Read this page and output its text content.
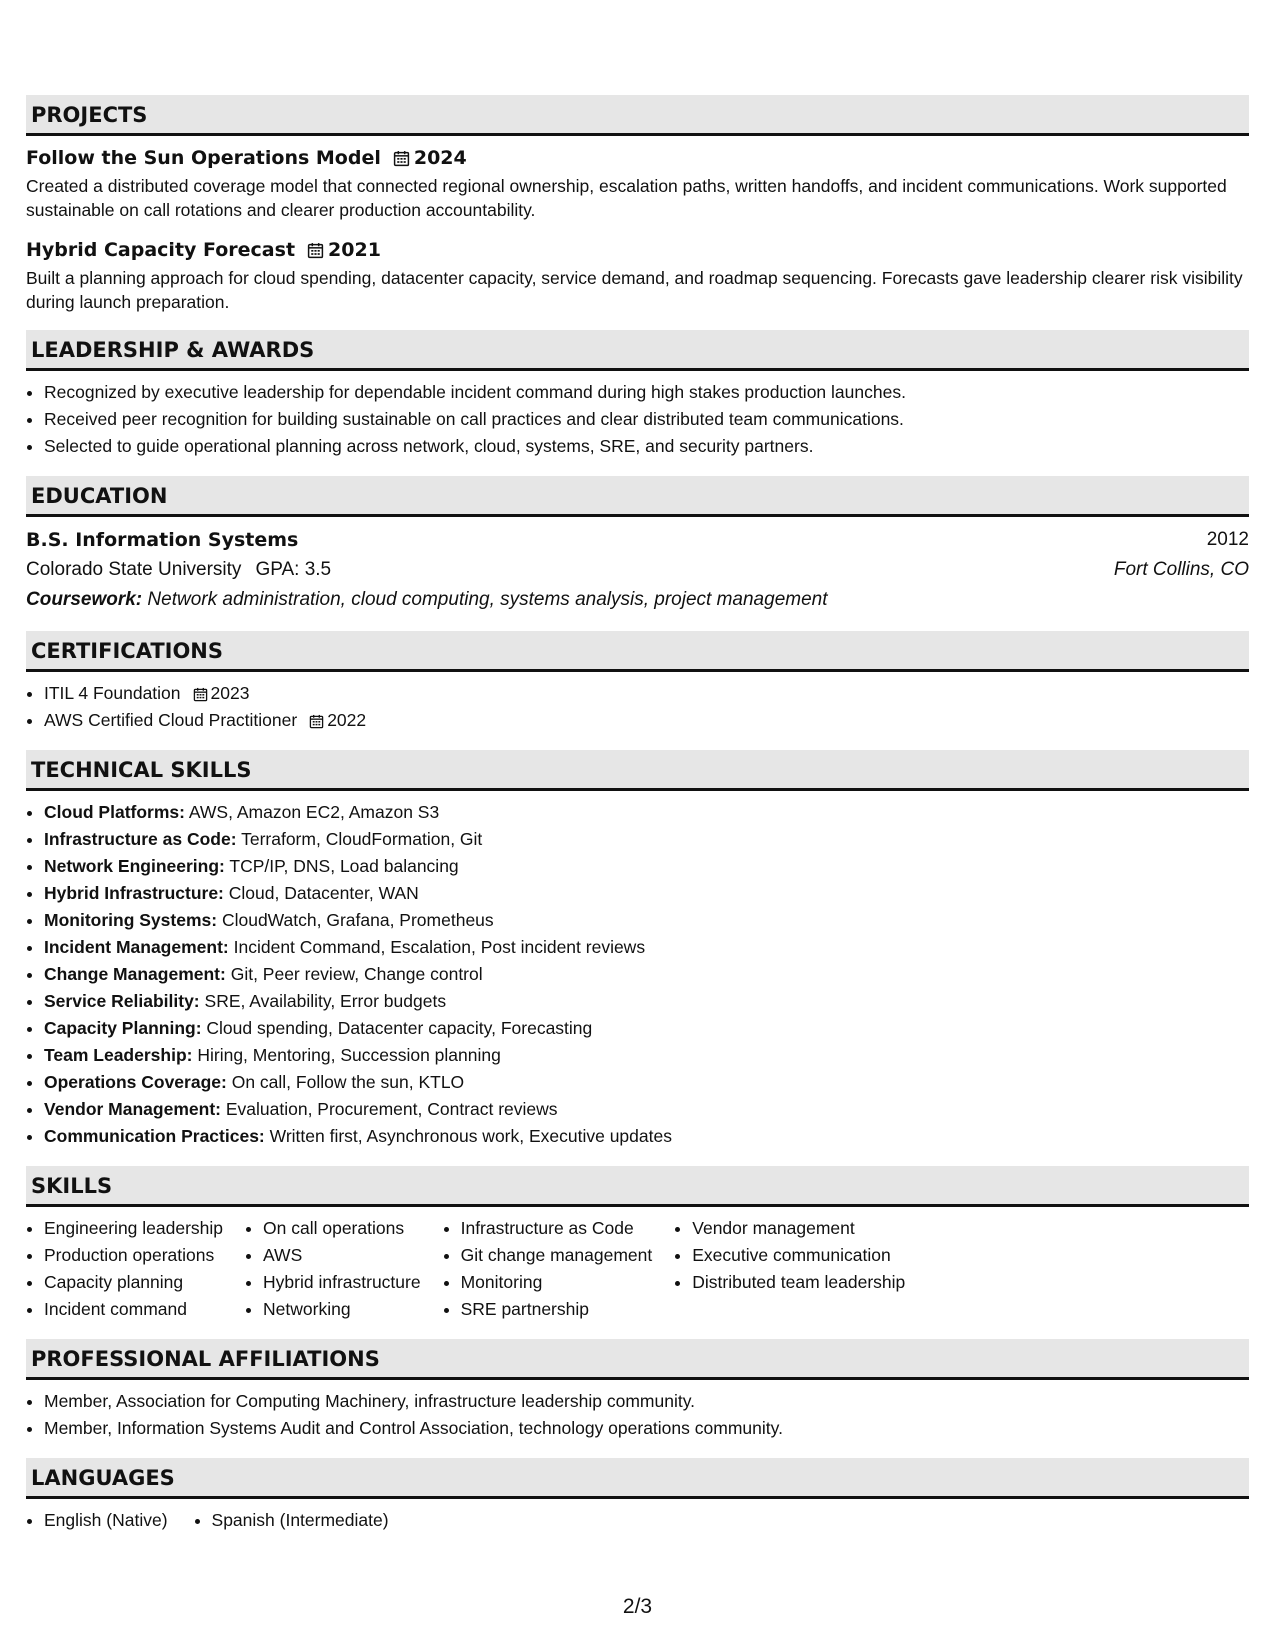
PROJECTS
Follow the Sun Operations Model 2024

Created a distributed coverage model that connected regional ownership, escalation paths, written handoffs, and incident communications. Work supported sustainable on call rotations and clearer production accountability.

Hybrid Capacity Forecast 2021

Built a planning approach for cloud spending, datacenter capacity, service demand, and roadmap sequencing. Forecasts gave leadership clearer risk visibility during launch preparation.

LEADERSHIP & AWARDS
• Recognized by executive leadership for dependable incident command during high stakes production launches.
• Received peer recognition for building sustainable on call practices and clear distributed team communications.
• Selected to guide operational planning across network, cloud, systems, SRE, and security partners.
EDUCATION
B.S. Information Systems	2012
Colorado State University GPA: 3.5	Fort Collins, CO
Coursework: Network administration, cloud computing, systems analysis, project management
CERTIFICATIONS
• ITIL 4 Foundation 2023
• AWS Certified Cloud Practitioner 2022
TECHNICAL SKILLS
• Cloud Platforms: AWS, Amazon EC2, Amazon S3
• Infrastructure as Code: Terraform, CloudFormation, Git
• Network Engineering: TCP/IP, DNS, Load balancing
• Hybrid Infrastructure: Cloud, Datacenter, WAN
• Monitoring Systems: CloudWatch, Grafana, Prometheus
• Incident Management: Incident Command, Escalation, Post incident reviews
• Change Management: Git, Peer review, Change control
• Service Reliability: SRE, Availability, Error budgets
• Capacity Planning: Cloud spending, Datacenter capacity, Forecasting
• Team Leadership: Hiring, Mentoring, Succession planning
• Operations Coverage: On call, Follow the sun, KTLO
• Vendor Management: Evaluation, Procurement, Contract reviews
• Communication Practices: Written first, Asynchronous work, Executive updates
SKILLS
• Engineering leadership
• Production operations
• Capacity planning
• Incident command
• On call operations
• AWS
• Hybrid infrastructure
• Networking
• Infrastructure as Code
• Git change management
• Monitoring
• SRE partnership
• Vendor management
• Executive communication
• Distributed team leadership
PROFESSIONAL AFFILIATIONS
• Member, Association for Computing Machinery, infrastructure leadership community.
• Member, Information Systems Audit and Control Association, technology operations community.
LANGUAGES
• English (Native)
•	Spanish (Intermediate)
2/3
